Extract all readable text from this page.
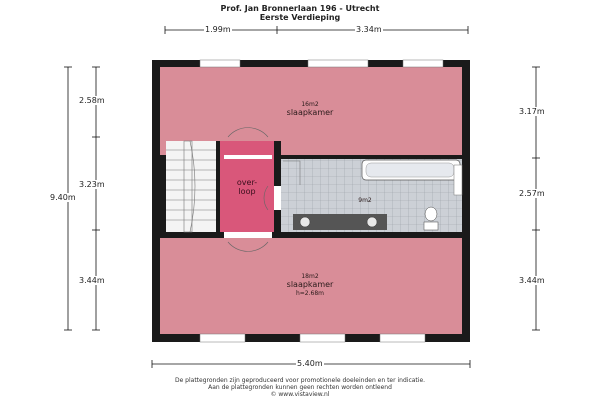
Prof. Jan Bronnerlaan 196 - Utrecht
Eerste Verdieping
1.99m	3.34m
5.40m
9.40m
2.58m
3.23m
3.44m
3.17m
2.57m
3.44m
16m2
slaapkamer
over-
loop
9m2
18m2
slaapkamer
h=2.68m
De plattegronden zijn geproduceerd voor promotionele doeleinden en ter indicatie.
Aan de plattegronden kunnen geen rechten worden ontleend
© www.vistaview.nl
